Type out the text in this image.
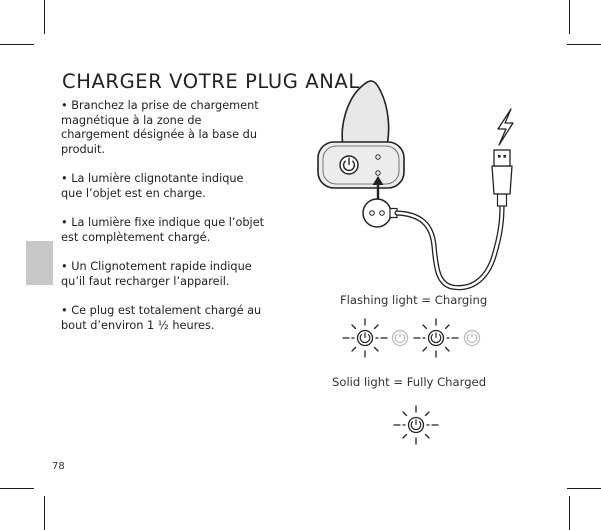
CHARGER VOTRE PLUG ANAL

• Branchez la prise de chargement magnétique à la zone de chargement désignée à la base du produit.

• La lumière clignotante indique que l’objet est en charge.

• La lumière fixe indique que l’objet est complètement chargé.

• Un Clignotement rapide indique qu’il faut recharger l’appareil.

• Ce plug est totalement chargé au bout d’environ 1 ½ heures.

Flashing light = Charging
Solid light = Fully Charged
78
